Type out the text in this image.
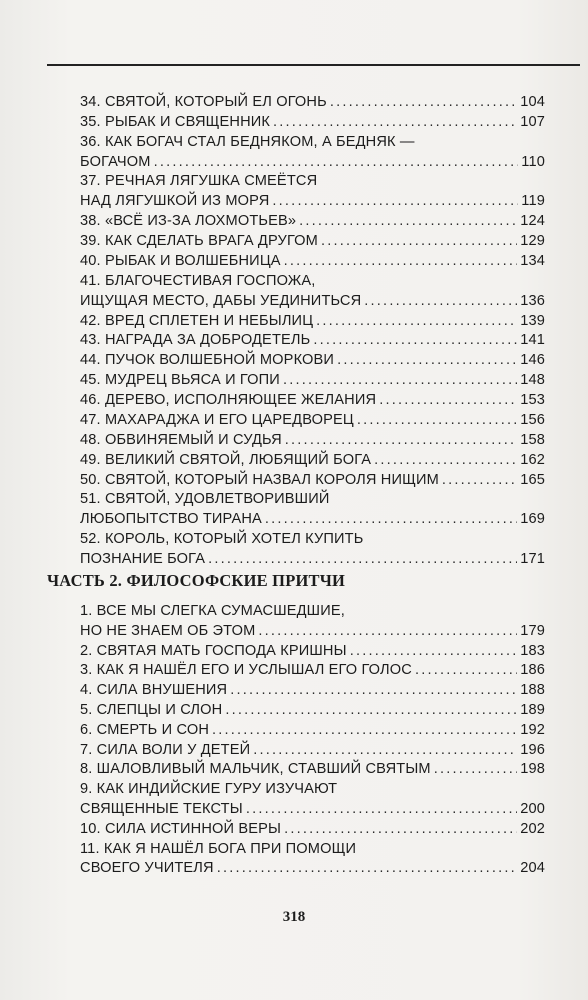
34. СВЯТОЙ, КОТОРЫЙ ЕЛ ОГОНЬ .....	104
35. РЫБАК И СВЯЩЕННИК .....	107
36. КАК БОГАЧ СТАЛ БЕДНЯКОМ, А БЕДНЯК —
БОГАЧОМ .....	110
37. РЕЧНАЯ ЛЯГУШКА СМЕЁТСЯ
НАД ЛЯГУШКОЙ ИЗ МОРЯ .....	119
38. «ВСЁ ИЗ-ЗА ЛОХМОТЬЕВ» .....	124
39. КАК СДЕЛАТЬ ВРАГА ДРУГОМ .....	129
40. РЫБАК И ВОЛШЕБНИЦА .....	134
41. БЛАГОЧЕСТИВАЯ ГОСПОЖА,
ИЩУЩАЯ МЕСТО, ДАБЫ УЕДИНИТЬСЯ .....	136
42. ВРЕД СПЛЕТЕН И НЕБЫЛИЦ .....	139
43. НАГРАДА ЗА ДОБРОДЕТЕЛЬ .....	141
44. ПУЧОК ВОЛШЕБНОЙ МОРКОВИ .....	146
45. МУДРЕЦ ВЬЯСА И ГОПИ .....	148
46. ДЕРЕВО, ИСПОЛНЯЮЩЕЕ ЖЕЛАНИЯ .....	153
47. МАХАРАДЖА И ЕГО ЦАРЕДВОРЕЦ .....	156
48. ОБВИНЯЕМЫЙ И СУДЬЯ .....	158
49. ВЕЛИКИЙ СВЯТОЙ, ЛЮБЯЩИЙ БОГА .....	162
50. СВЯТОЙ, КОТОРЫЙ НАЗВАЛ КОРОЛЯ НИЩИМ .....	165
51. СВЯТОЙ, УДОВЛЕТВОРИВШИЙ
ЛЮБОПЫТСТВО ТИРАНА .....	169
52. КОРОЛЬ, КОТОРЫЙ ХОТЕЛ КУПИТЬ
ПОЗНАНИЕ БОГА .....	171
ЧАСТЬ 2. ФИЛОСОФСКИЕ ПРИТЧИ
1. ВСЕ МЫ СЛЕГКА СУМАСШЕДШИЕ,
НО НЕ ЗНАЕМ ОБ ЭТОМ .....	179
2. СВЯТАЯ МАТЬ ГОСПОДА КРИШНЫ .....	183
3. КАК Я НАШЁЛ ЕГО И УСЛЫШАЛ ЕГО ГОЛОС .....	186
4. СИЛА ВНУШЕНИЯ .....	188
5. СЛЕПЦЫ И СЛОН .....	189
6. СМЕРТЬ И СОН .....	192
7. СИЛА ВОЛИ У ДЕТЕЙ .....	196
8. ШАЛОВЛИВЫЙ МАЛЬЧИК, СТАВШИЙ СВЯТЫМ .....	198
9. КАК ИНДИЙСКИЕ ГУРУ ИЗУЧАЮТ
СВЯЩЕННЫЕ ТЕКСТЫ .....	200
10. СИЛА ИСТИННОЙ ВЕРЫ .....	202
11. КАК Я НАШЁЛ БОГА ПРИ ПОМОЩИ
СВОЕГО УЧИТЕЛЯ .....	204
318
